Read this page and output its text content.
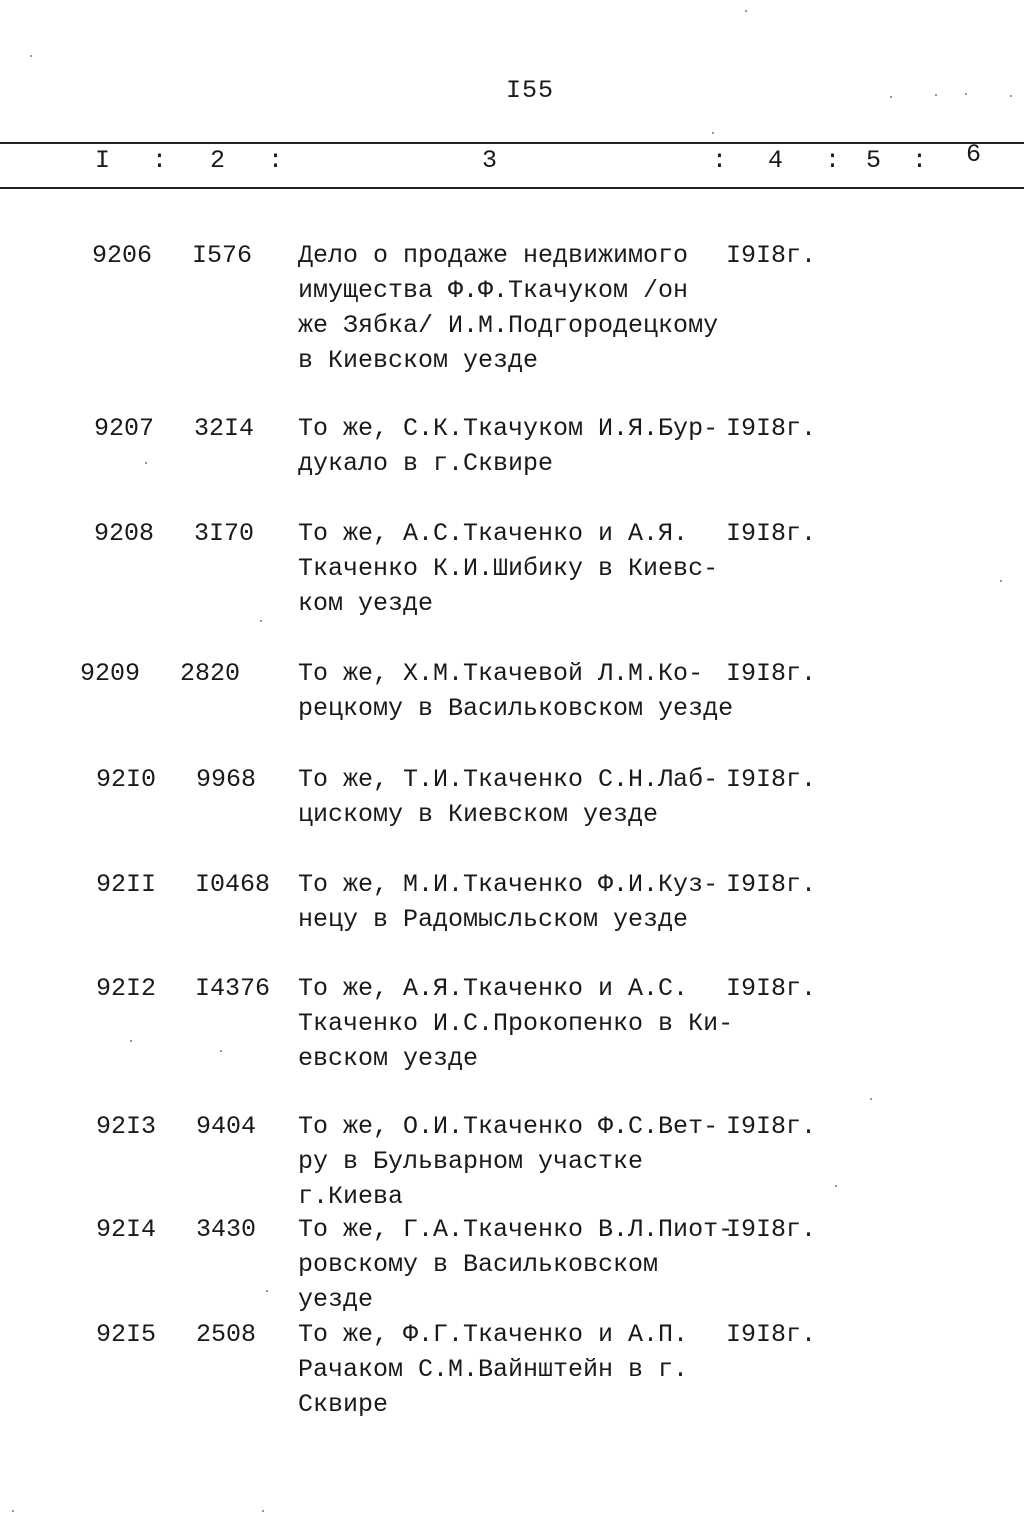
I55
I : 2 :	3	: 4 : 5 : 6
9206	I576 Дело о продаже недвижимого
имущества Ф.Ф.Ткачуком /он
же Зябка/ И.М.Подгородецкому
в Киевском уезде
I9I8г.
9207	32I4 То же, С.К.Ткачуком И.Я.Бур-
дукало в г.Сквире
I9I8г.
9208	3I70 То же, А.С.Ткаченко и А.Я.
Ткаченко К.И.Шибику в Киевс-
ком уезде
I9I8г.
9209	2820 То же, Х.М.Ткачевой Л.М.Ко-
рецкому в Васильковском уезде
I9I8г.
92I0	9968 То же, Т.И.Ткаченко С.Н.Лаб-
цискому в Киевском уезде
I9I8г.
92II	I0468 То же, М.И.Ткаченко Ф.И.Куз-
нецу в Радомысльском уезде
I9I8г.
92I2	I4376 То же, А.Я.Ткаченко и А.С.
Ткаченко И.С.Прокопенко в Ки-
евском уезде
I9I8г.
92I3	9404 То же, О.И.Ткаченко Ф.С.Вет-
ру в Бульварном участке г.Киева
I9I8г.
92I4	3430 То же, Г.А.Ткаченко В.Л.Пиот-
ровскому в Васильковском уезде
I9I8г.
92I5	2508 То же, Ф.Г.Ткаченко и А.П.
Рачаком С.М.Вайнштейн в г.
Сквире
I9I8г.
